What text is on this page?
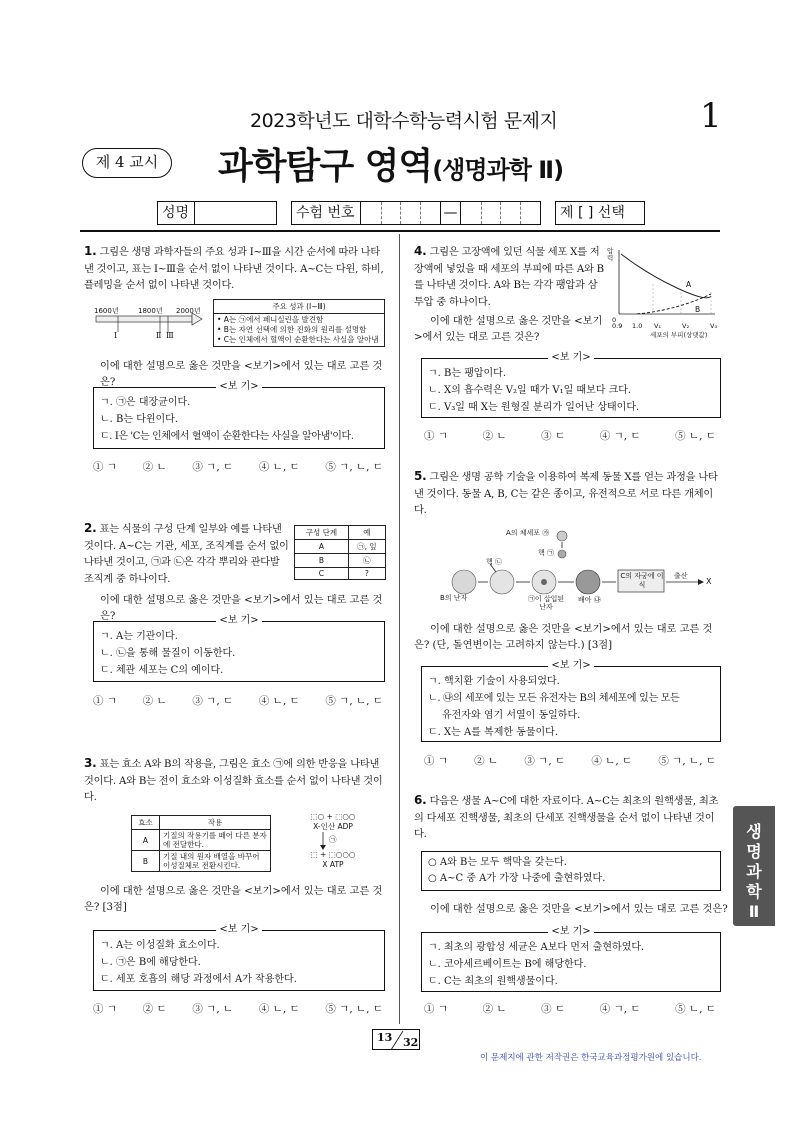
2023학년도 대학수학능력시험 문제지	1
제 4 교시	과학탐구 영역(생명과학 Ⅱ)
성명	수험 번호	—	제 [ ] 선택
생
명
과
학
Ⅱ
1. 그림은 생명 과학자들의 주요 성과 Ⅰ~Ⅲ을 시간 순서에 따라 나타낸 것이고, 표는 Ⅰ~Ⅲ을 순서 없이 나타낸 것이다. A~C는 다윈, 하비, 플레밍을 순서 없이 나타낸 것이다.
1600년	1800년 2000년
Ⅰ	Ⅱ Ⅲ
주요 성과 (Ⅰ~Ⅲ)

• A는 ㉠에서 페니실린을 발견함
• B는 자연 선택에 의한 진화의 원리를 설명함
• C는 인체에서 혈액이 순환한다는 사실을 알아냄
이에 대한 설명으로 옳은 것만을 <보기>에서 있는 대로 고른 것은?	<보 기>
ㄱ. ㉠은 대장균이다.
ㄴ. B는 다윈이다.
ㄷ. Ⅰ은 'C는 인체에서 혈액이 순환한다는 사실을 알아냄'이다.
① ㄱ ② ㄴ ③ ㄱ, ㄷ ④ ㄴ, ㄷ ⑤ ㄱ, ㄴ, ㄷ
2. 표는 식물의 구성 단계 일부와 예를 나타낸 것이다. A~C는 기관, 세포, 조직계를 순서 없이 나타낸 것이고, ㉠과 ㉡은 각각 뿌리와 관다발 조직계 중 하나이다.
구성 단계	예
A	㉠, 잎
B	㉡
C	?
이에 대한 설명으로 옳은 것만을 <보기>에서 있는 대로 고른 것은?	<보 기>
ㄱ. A는 기관이다.
ㄴ. ㉡을 통해 물질이 이동한다.
ㄷ. 체관 세포는 C의 예이다.
① ㄱ ② ㄴ ③ ㄱ, ㄷ ④ ㄴ, ㄷ ⑤ ㄱ, ㄴ, ㄷ
3. 표는 효소 A와 B의 작용을, 그림은 효소 ㉠에 의한 반응을 나타낸 것이다. A와 B는 전이 효소와 이성질화 효소를 순서 없이 나타낸 것이다.
효소	작용
A	기질의 작용기를 떼어 다른 분자에 전달한다.
B	기질 내의 원자 배열을 바꾸어 이성질체로 전환시킨다.
⬚○ + ⬚○○
X-인산 ADP
㉠
⬚ + ⬚○○○
X ATP
이에 대한 설명으로 옳은 것만을 <보기>에서 있는 대로 고른 것은? [3점]
<보 기>
ㄱ. A는 이성질화 효소이다.
ㄴ. ㉠은 B에 해당한다.
ㄷ. 세포 호흡의 해당 과정에서 A가 작용한다.
① ㄱ ② ㄷ ③ ㄱ, ㄴ ④ ㄴ, ㄷ ⑤ ㄱ, ㄴ, ㄷ
4. 그림은 고장액에 있던 식물 세포 X를 저장액에 넣었을 때 세포의 부피에 따른 A와 B를 나타낸 것이다. A와 B는 각각 팽압과 삼투압 중 하나이다.
압력
A
B
0
0.9 1.0 V₁	V₂	V₃
세포의 부피(상댓값)
이에 대한 설명으로 옳은 것만을 <보기>에서 있는 대로 고른 것은?
<보 기>
ㄱ. B는 팽압이다.
ㄴ. X의 흡수력은 V₂일 때가 V₁일 때보다 크다.
ㄷ. V₃일 때 X는 원형질 분리가 일어난 상태이다.
① ㄱ	② ㄴ	③ ㄷ	④ ㄱ, ㄷ	⑤ ㄴ, ㄷ
5. 그림은 생명 공학 기술을 이용하여 복제 동물 X를 얻는 과정을 나타낸 것이다. 동물 A, B, C는 같은 종이고, 유전적으로 서로 다른 개체이다.
A의 체세포 ㉮
핵 ㉡
핵 ㉠
B의 난자	㉠이 삽입된 난자
배아 ㉯
C의 자궁에 이식
출산
X
이에 대한 설명으로 옳은 것만을 <보기>에서 있는 대로 고른 것은? (단, 돌연변이는 고려하지 않는다.) [3점]
<보 기>
ㄱ. 핵치환 기술이 사용되었다.
ㄴ. ㉯의 세포에 있는 모든 유전자는 B의 체세포에 있는 모든
유전자와 염기 서열이 동일하다.
ㄷ. X는 A를 복제한 동물이다.
① ㄱ ② ㄴ ③ ㄱ, ㄷ ④ ㄴ, ㄷ ⑤ ㄱ, ㄴ, ㄷ
6. 다음은 생물 A~C에 대한 자료이다. A~C는 최초의 원핵생물, 최초의 다세포 진핵생물, 최초의 단세포 진핵생물을 순서 없이 나타낸 것이다.
○ A와 B는 모두 핵막을 갖는다.
○ A~C 중 A가 가장 나중에 출현하였다.
이에 대한 설명으로 옳은 것만을 <보기>에서 있는 대로 고른 것은?
<보 기>
ㄱ. 최초의 광합성 세균은 A보다 먼저 출현하였다.
ㄴ. 코아세르베이트는 B에 해당한다.
ㄷ. C는 최초의 원핵생물이다.
① ㄱ	② ㄴ	③ ㄷ	④ ㄱ, ㄷ	⑤ ㄴ, ㄷ
13 32
이 문제지에 관한 저작권은 한국교육과정평가원에 있습니다.
